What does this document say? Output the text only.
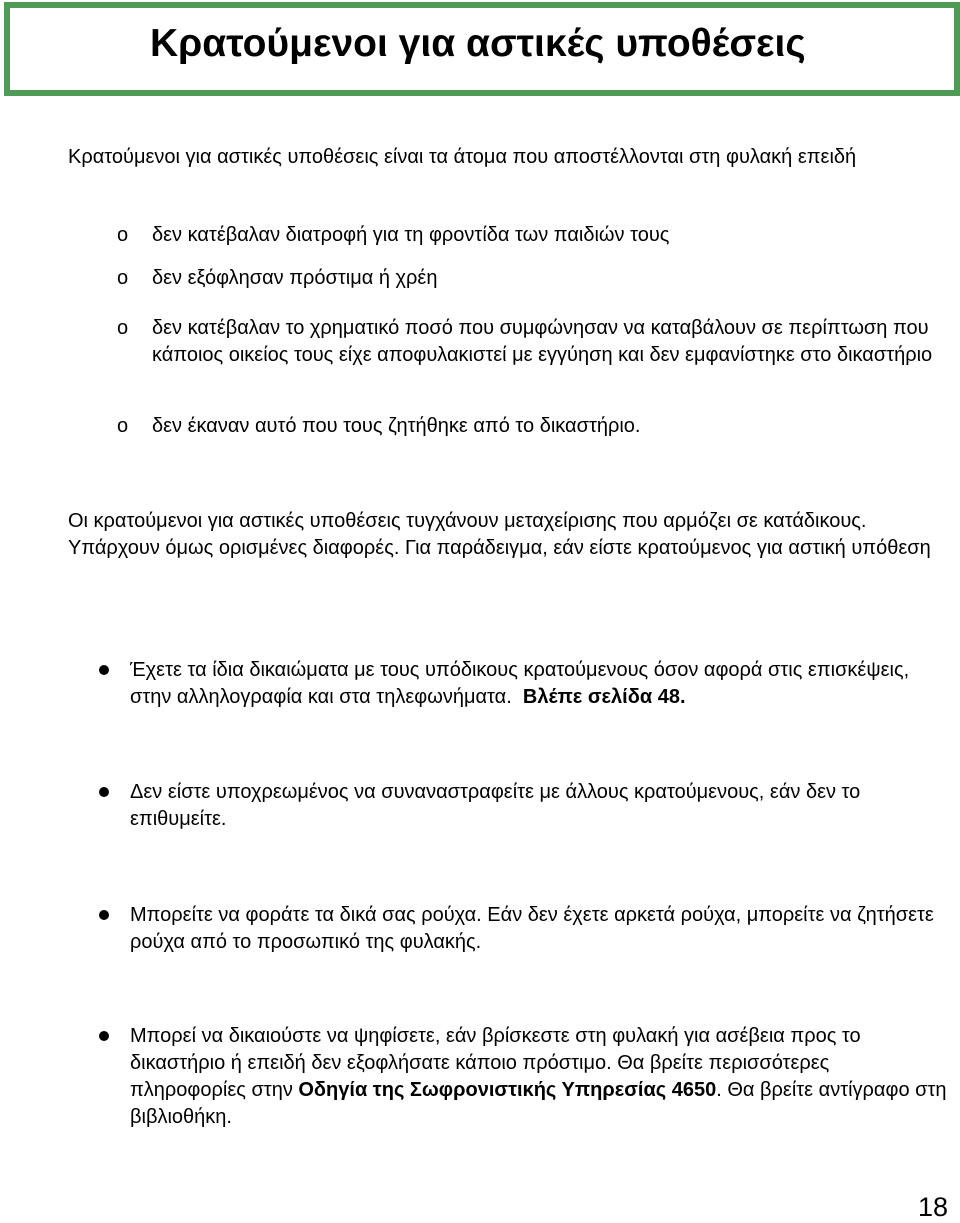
Κρατούμενοι για αστικές υποθέσεις

Κρατούμενοι για αστικές υποθέσεις είναι τα άτομα που αποστέλλονται στη φυλακή επειδή

o	δεν κατέβαλαν διατροφή για τη φροντίδα των παιδιών τους
o	δεν εξόφλησαν πρόστιμα ή χρέη
o	δεν κατέβαλαν το χρηματικό ποσό που συμφώνησαν να καταβάλουν σε περίπτωση που κάποιος οικείος τους είχε αποφυλακιστεί με εγγύηση και δεν εμφανίστηκε στο δικαστήριο
o	δεν έκαναν αυτό που τους ζητήθηκε από το δικαστήριο.

Οι κρατούμενοι για αστικές υποθέσεις τυγχάνουν μεταχείρισης που αρμόζει σε κατάδικους. Υπάρχουν όμως ορισμένες διαφορές. Για παράδειγμα, εάν είστε κρατούμενος για αστική υπόθεση

Έχετε τα ίδια δικαιώματα με τους υπόδικους κρατούμενους όσον αφορά στις επισκέψεις, στην αλληλογραφία και στα τηλεφωνήματα. Βλέπε σελίδα 48.
Δεν είστε υποχρεωμένος να συναναστραφείτε με άλλους κρατούμενους, εάν δεν το επιθυμείτε.
Μπορείτε να φοράτε τα δικά σας ρούχα. Εάν δεν έχετε αρκετά ρούχα, μπορείτε να ζητήσετε ρούχα από το προσωπικό της φυλακής.
Μπορεί να δικαιούστε να ψηφίσετε, εάν βρίσκεστε στη φυλακή για ασέβεια προς το δικαστήριο ή επειδή δεν εξοφλήσατε κάποιο πρόστιμο. Θα βρείτε περισσότερες πληροφορίες στην Οδηγία της Σωφρονιστικής Υπηρεσίας 4650. Θα βρείτε αντίγραφο στη βιβλιοθήκη.
18
